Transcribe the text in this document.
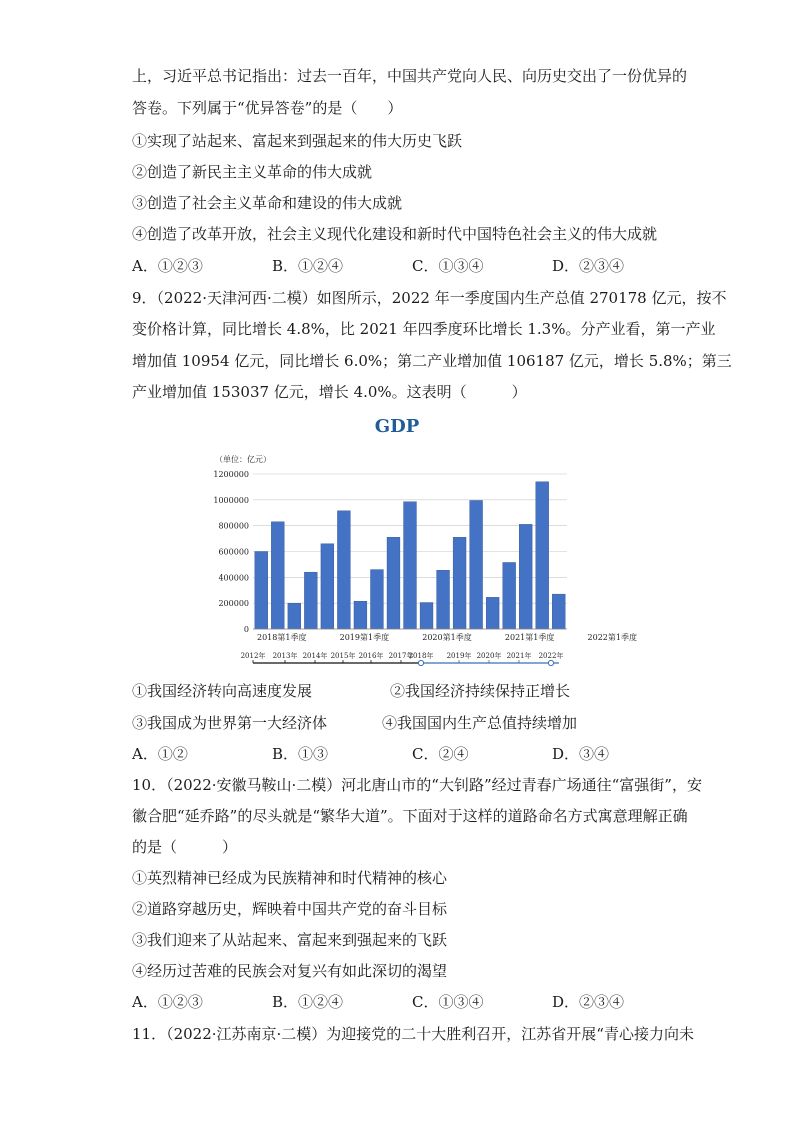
上，习近平总书记指出：过去一百年，中国共产党向人民、向历史交出了一份优异的
答卷。下列属于“优异答卷”的是（　　）
①实现了站起来、富起来到强起来的伟大历史飞跃
②创造了新民主主义革命的伟大成就
③创造了社会主义革命和建设的伟大成就
④创造了改革开放，社会主义现代化建设和新时代中国特色社会主义的伟大成就
A．①②③	B．①②④	C．①③④	D．②③④
9．（2022·天津河西·二模）如图所示，2022 年一季度国内生产总值 270178 亿元，按不
变价格计算，同比增长 4.8%，比 2021 年四季度环比增长 1.3%。分产业看，第一产业
增加值 10954 亿元，同比增长 6.0%；第二产业增加值 106187 亿元，增长 5.8%；第三
产业增加值 153037 亿元，增长 4.0%。这表明（　　　）
GDP
（单位：亿元）
0
200000
400000
600000
800000
1000000
1200000
2018第1季度	2019第1季度	2020第1季度	2021第1季度	2022第1季度
2012年 2013年 2014年 2015年 2016年 2017年
2018年 2019年 2020年 2021年 2022年
①我国经济转向高速度发展	②我国经济持续保持正增长
③我国成为世界第一大经济体	④我国国内生产总值持续增加
A．①②	B．①③	C．②④	D．③④
10．（2022·安徽马鞍山·二模）河北唐山市的“大钊路”经过青春广场通往“富强街”，安
徽合肥“延乔路”的尽头就是“繁华大道”。下面对于这样的道路命名方式寓意理解正确
的是（　　　）
①英烈精神已经成为民族精神和时代精神的核心
②道路穿越历史，辉映着中国共产党的奋斗目标
③我们迎来了从站起来、富起来到强起来的飞跃
④经历过苦难的民族会对复兴有如此深切的渴望
A．①②③	B．①②④	C．①③④	D．②③④
11．（2022·江苏南京·二模）为迎接党的二十大胜利召开，江苏省开展“青心接力向未
